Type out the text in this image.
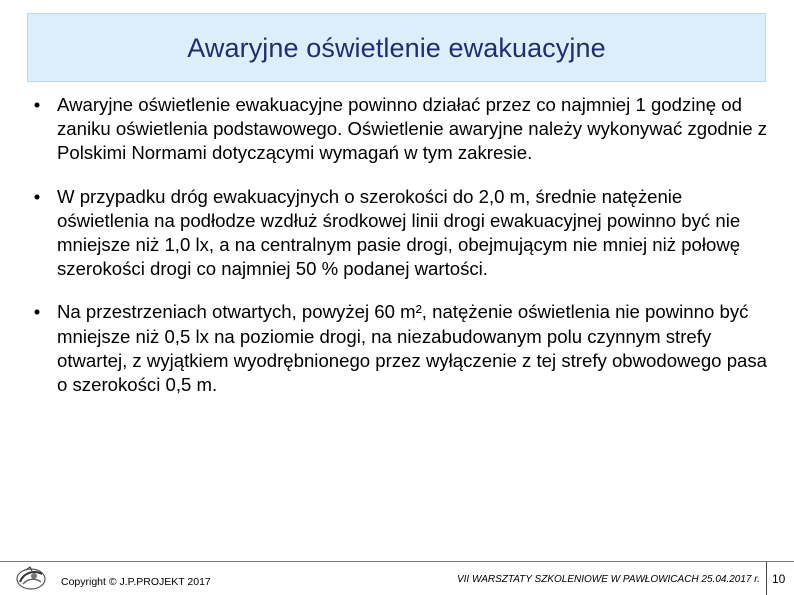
Awaryjne oświetlenie ewakuacyjne
• Awaryjne oświetlenie ewakuacyjne powinno działać przez co najmniej 1 godzinę od zaniku oświetlenia podstawowego. Oświetlenie awaryjne należy wykonywać zgodnie z Polskimi Normami dotyczącymi wymagań w tym zakresie.
• W przypadku dróg ewakuacyjnych o szerokości do 2,0 m, średnie natężenie oświetlenia na podłodze wzdłuż środkowej linii drogi ewakuacyjnej powinno być nie mniejsze niż 1,0 lx, a na centralnym pasie drogi, obejmującym nie mniej niż połowę szerokości drogi co najmniej 50 % podanej wartości.
• Na przestrzeniach otwartych, powyżej 60 m², natężenie oświetlenia nie powinno być mniejsze niż 0,5 lx na poziomie drogi, na niezabudowanym polu czynnym strefy otwartej, z wyjątkiem wyodrębnionego przez wyłączenie z tej strefy obwodowego pasa o szerokości 0,5 m.
Copyright © J.P.PROJEKT 2017	VII WARSZTATY SZKOLENIOWE W PAWŁOWICACH 25.04.2017 r. 10
